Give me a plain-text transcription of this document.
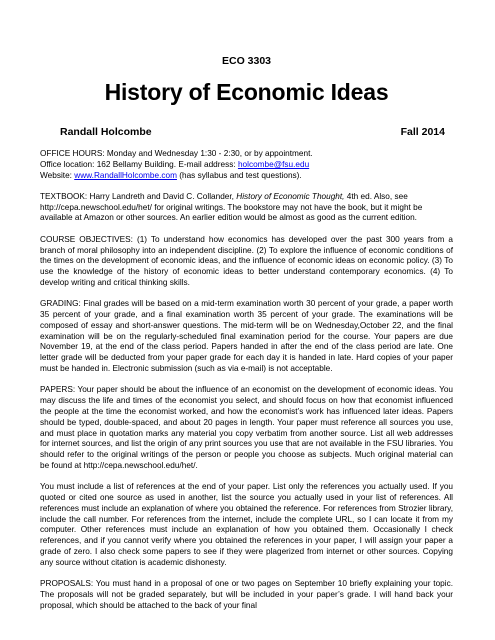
ECO 3303
History of Economic Ideas
Randall Holcombe	Fall 2014

OFFICE HOURS: Monday and Wednesday 1:30 - 2:30, or by appointment.
Office location: 162 Bellamy Building. E-mail address: holcombe@fsu.edu
Website: www.RandallHolcombe.com (has syllabus and test questions).

TEXTBOOK: Harry Landreth and David C. Collander, History of Economic Thought, 4th ed. Also, see http://cepa.newschool.edu/het/ for original writings. The bookstore may not have the book, but it might be available at Amazon or other sources. An earlier edition would be almost as good as the current edition.

COURSE OBJECTIVES: (1) To understand how economics has developed over the past 300 years from a branch of moral philosophy into an independent discipline. (2) To explore the influence of economic conditions of the times on the development of economic ideas, and the influence of economic ideas on economic policy. (3) To use the knowledge of the history of economic ideas to better understand contemporary economics. (4) To develop writing and critical thinking skills.

GRADING: Final grades will be based on a mid-term examination worth 30 percent of your grade, a paper worth 35 percent of your grade, and a final examination worth 35 percent of your grade. The examinations will be composed of essay and short-answer questions. The mid-term will be on Wednesday,October 22, and the final examination will be on the regularly-scheduled final examination period for the course. Your papers are due November 19, at the end of the class period. Papers handed in after the end of the class period are late. One letter grade will be deducted from your paper grade for each day it is handed in late. Hard copies of your paper must be handed in. Electronic submission (such as via e-mail) is not acceptable.

PAPERS: Your paper should be about the influence of an economist on the development of economic ideas. You may discuss the life and times of the economist you select, and should focus on how that economist influenced the people at the time the economist worked, and how the economist’s work has influenced later ideas. Papers should be typed, double-spaced, and about 20 pages in length. Your paper must reference all sources you use, and must place in quotation marks any material you copy verbatim from another source. List all web addresses for internet sources, and list the origin of any print sources you use that are not available in the FSU libraries. You should refer to the original writings of the person or people you choose as subjects. Much original material can be found at http://cepa.newschool.edu/het/.

You must include a list of references at the end of your paper. List only the references you actually used. If you quoted or cited one source as used in another, list the source you actually used in your list of references. All references must include an explanation of where you obtained the reference. For references from Strozier library, include the call number. For references from the internet, include the complete URL, so I can locate it from my computer. Other references must include an explanation of how you obtained them. Occasionally I check references, and if you cannot verify where you obtained the references in your paper, I will assign your paper a grade of zero. I also check some papers to see if they were plagerized from internet or other sources. Copying any source without citation is academic dishonesty.

PROPOSALS: You must hand in a proposal of one or two pages on September 10 briefly explaining your topic. The proposals will not be graded separately, but will be included in your paper’s grade. I will hand back your proposal, which should be attached to the back of your final
